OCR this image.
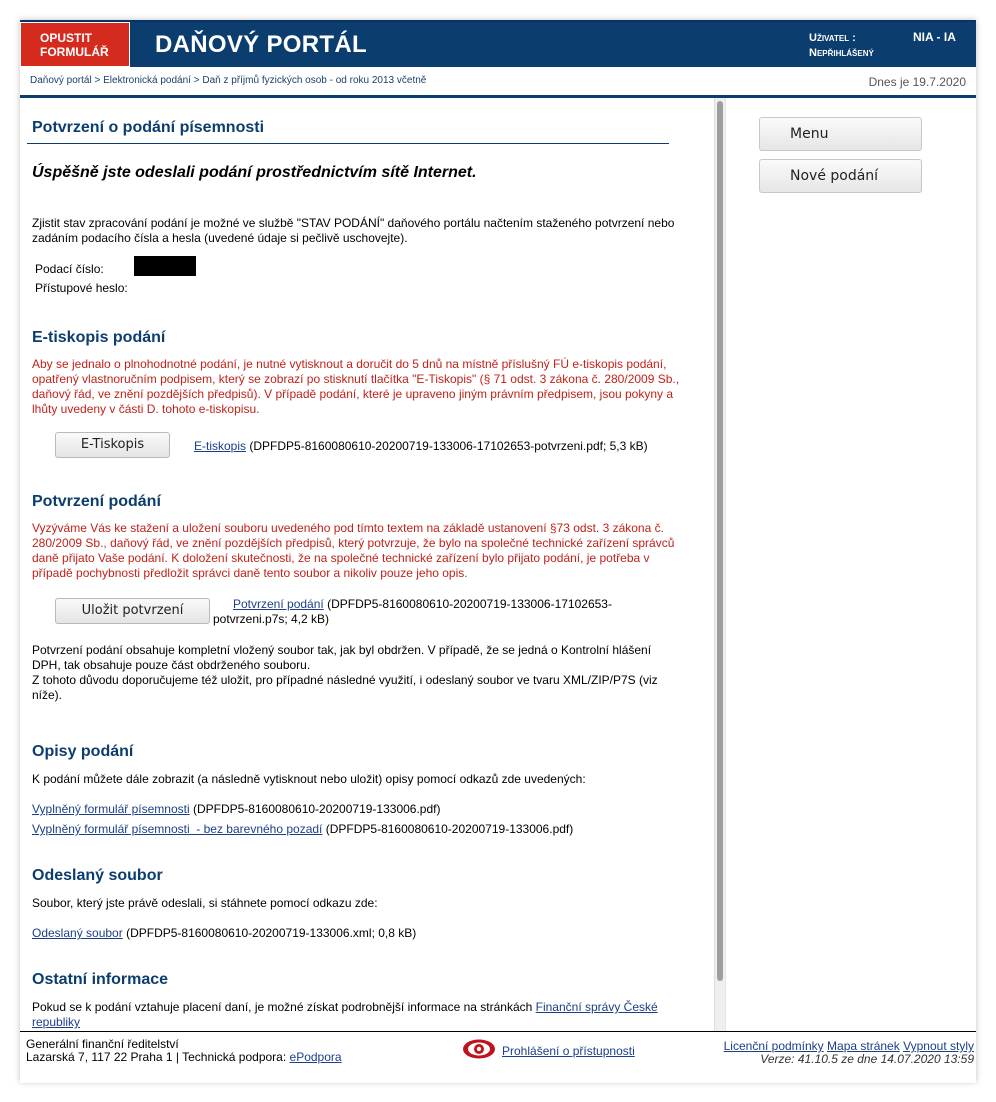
OPUSTIT
FORMULÁŘ	DAŇOVÝ PORTÁL	Uživatel :
Nepřihlášený
NIA - IA
Daňový portál > Elektronická podání > Daň z příjmů fyzických osob - od roku 2013 včetně	Dnes je 19.7.2020
Potvrzení o podání písemnosti
Úspěšně jste odeslali podání prostřednictvím sítě Internet.

Zjistit stav zpracování podání je možné ve službě "STAV PODÁNÍ" daňového portálu načtením staženého potvrzení nebo zadáním podacího čísla a hesla (uvedené údaje si pečlivě uschovejte).

Podací číslo:
Přístupové heslo:
E-tiskopis podání

Aby se jednalo o plnohodnotné podání, je nutné vytisknout a doručit do 5 dnů na místně příslušný FÚ e-tiskopis podání, opatřený vlastnoručním podpisem, který se zobrazí po stisknutí tlačítka "E-Tiskopis" (§ 71 odst. 3 zákona č. 280/2009 Sb., daňový řád, ve znění pozdějších předpisů). V případě podání, které je upraveno jiným právním předpisem, jsou pokyny a lhůty uvedeny v části D. tohoto e-tiskopisu.

E-Tiskopis	E-tiskopis (DPFDP5-8160080610-20200719-133006-17102653-potvrzeni.pdf; 5,3 kB)
Potvrzení podání

Vyzýváme Vás ke stažení a uložení souboru uvedeného pod tímto textem na základě ustanovení §73 odst. 3 zákona č. 280/2009 Sb., daňový řád, ve znění pozdějších předpisů, který potvrzuje, že bylo na společné technické zařízení správců daně přijato Vaše podání. K doložení skutečnosti, že na společné technické zařízení bylo přijato podání, je potřeba v případě pochybnosti předložit správci daně tento soubor a nikoliv pouze jeho opis.

Uložit potvrzení	Potvrzení podání (DPFDP5-8160080610-20200719-133006-17102653-
potvrzeni.p7s; 4,2 kB)

Potvrzení podání obsahuje kompletní vložený soubor tak, jak byl obdržen. V případě, že se jedná o Kontrolní hlášení DPH, tak obsahuje pouze část obdrženého souboru.

Z tohoto důvodu doporučujeme též uložit, pro případné následné využití, i odeslaný soubor ve tvaru XML/ZIP/P7S (viz níže).

Opisy podání

K podání můžete dále zobrazit (a následně vytisknout nebo uložit) opisy pomocí odkazů zde uvedených:

Vyplněný formulář písemnosti (DPFDP5-8160080610-20200719-133006.pdf)
Vyplněný formulář písemnosti  - bez barevného pozadí (DPFDP5-8160080610-20200719-133006.pdf)
Odeslaný soubor

Soubor, který jste právě odeslali, si stáhnete pomocí odkazu zde:

Odeslaný soubor (DPFDP5-8160080610-20200719-133006.xml; 0,8 kB)
Ostatní informace

Pokud se k podání vztahuje placení daní, je možné získat podrobnější informace na stránkách Finanční správy České republiky

Menu
Nové podání
Generální finanční ředitelství
Lazarská 7, 117 22 Praha 1 | Technická podpora: ePodpora	Prohlášení o přístupnosti	Licenční podmínky Mapa stránek Vypnout styly
Verze: 41.10.5 ze dne 14.07.2020 13:59
